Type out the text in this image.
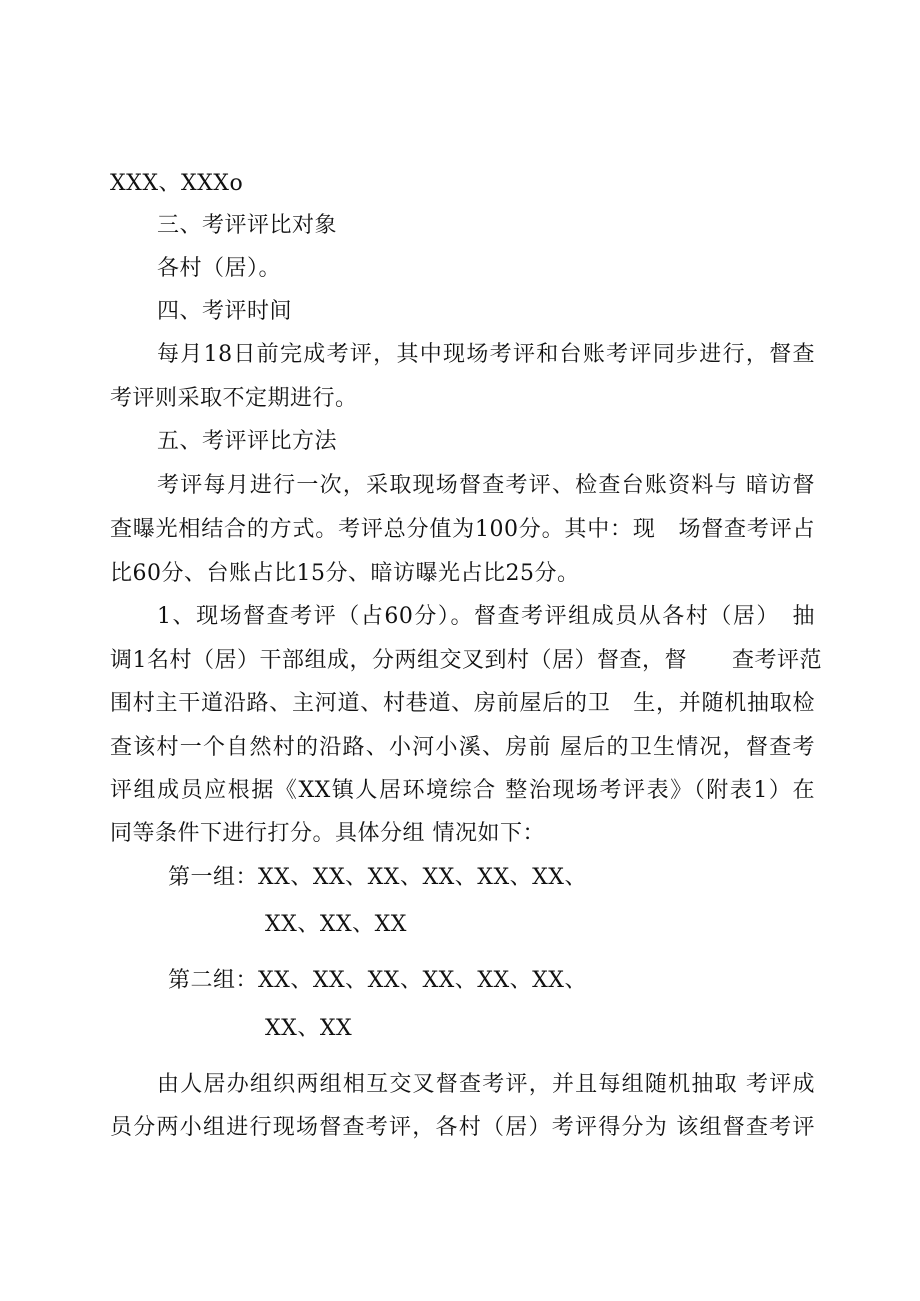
XXX、XXXo
三、考评评比对象
各村（居）。
四、考评时间
每月18日前完成考评，其中现场考评和台账考评同步进行，督查
考评则采取不定期进行。
五、考评评比方法
考评每月进行一次，采取现场督查考评、检查台账资料与 暗访督
查曝光相结合的方式。考评总分值为100分。其中：现　场督查考评占
比60分、台账占比15分、暗访曝光占比25分。
1、现场督查考评（占60分）。督查考评组成员从各村（居）　抽
调1名村（居）干部组成，分两组交叉到村（居）督查，督　　查考评范
围村主干道沿路、主河道、村巷道、房前屋后的卫　生，并随机抽取检
查该村一个自然村的沿路、小河小溪、房前 屋后的卫生情况，督查考
评组成员应根据《XX镇人居环境综合 整治现场考评表》（附表1）在
同等条件下进行打分。具体分组 情况如下：
第一组：XX、XX、XX、XX、XX、XX、
XX、XX、XX
第二组：XX、XX、XX、XX、XX、XX、
XX、XX
由人居办组织两组相互交叉督查考评，并且每组随机抽取 考评成
员分两小组进行现场督查考评，各村（居）考评得分为 该组督查考评
